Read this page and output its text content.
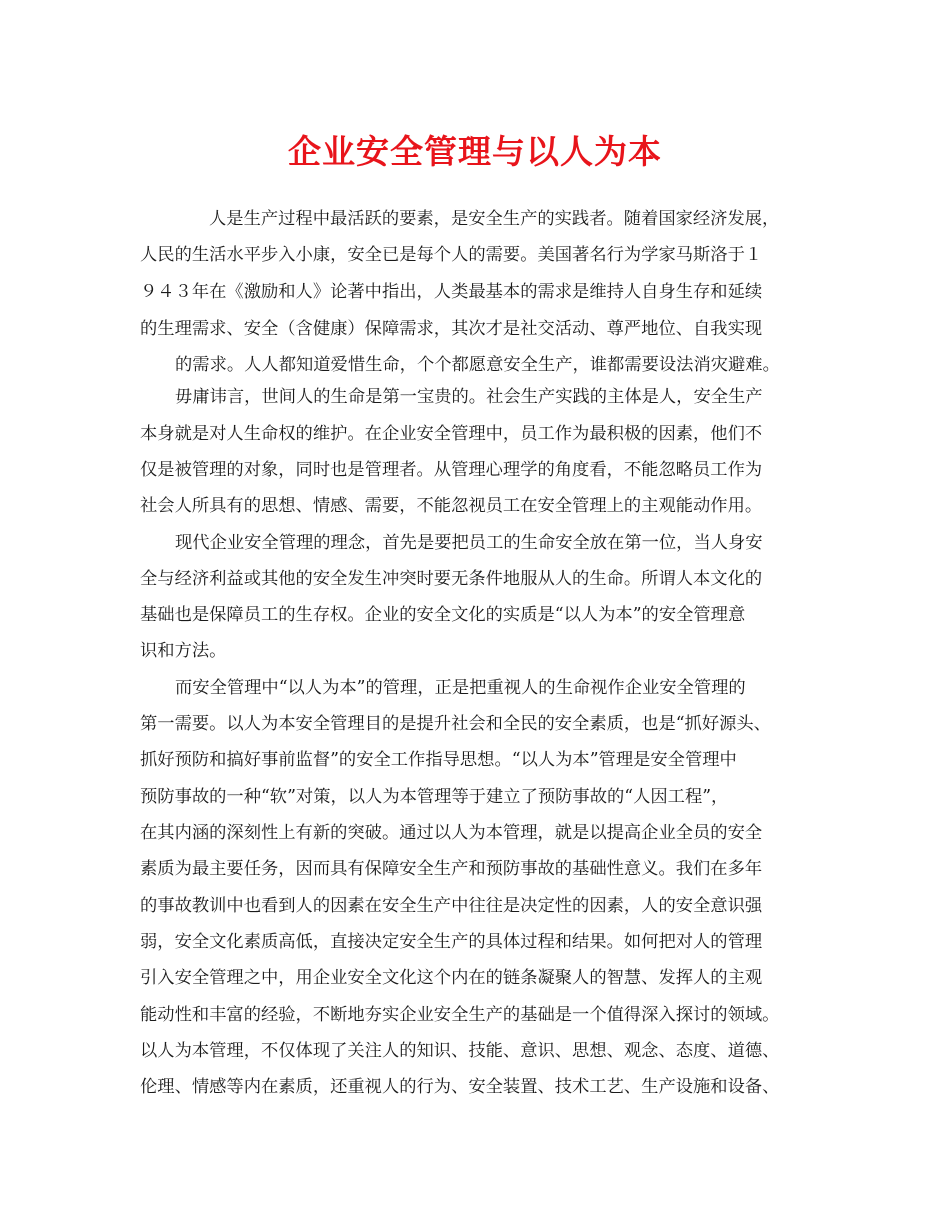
企业安全管理与以人为本

人是生产过程中最活跃的要素，是安全生产的实践者。随着国家经济发展，

人民的生活水平步入小康，安全已是每个人的需要。美国著名行为学家马斯洛于１

９４３年在《激励和人》论著中指出，人类最基本的需求是维持人自身生存和延续

的生理需求、安全（含健康）保障需求，其次才是社交活动、尊严地位、自我实现

的需求。人人都知道爱惜生命，个个都愿意安全生产，谁都需要设法消灾避难。

毋庸讳言，世间人的生命是第一宝贵的。社会生产实践的主体是人，安全生产

本身就是对人生命权的维护。在企业安全管理中，员工作为最积极的因素，他们不

仅是被管理的对象，同时也是管理者。从管理心理学的角度看，不能忽略员工作为

社会人所具有的思想、情感、需要，不能忽视员工在安全管理上的主观能动作用。

现代企业安全管理的理念，首先是要把员工的生命安全放在第一位，当人身安

全与经济利益或其他的安全发生冲突时要无条件地服从人的生命。所谓人本文化的

基础也是保障员工的生存权。企业的安全文化的实质是“以人为本”的安全管理意

识和方法。

而安全管理中“以人为本”的管理，正是把重视人的生命视作企业安全管理的

第一需要。以人为本安全管理目的是提升社会和全民的安全素质，也是“抓好源头、

抓好预防和搞好事前监督”的安全工作指导思想。“以人为本”管理是安全管理中

预防事故的一种“软”对策，以人为本管理等于建立了预防事故的“人因工程”，

在其内涵的深刻性上有新的突破。通过以人为本管理，就是以提高企业全员的安全

素质为最主要任务，因而具有保障安全生产和预防事故的基础性意义。我们在多年

的事故教训中也看到人的因素在安全生产中往往是决定性的因素，人的安全意识强

弱，安全文化素质高低，直接决定安全生产的具体过程和结果。如何把对人的管理

引入安全管理之中，用企业安全文化这个内在的链条凝聚人的智慧、发挥人的主观

能动性和丰富的经验，不断地夯实企业安全生产的基础是一个值得深入探讨的领域。

以人为本管理，不仅体现了关注人的知识、技能、意识、思想、观念、态度、道德、

伦理、情感等内在素质，还重视人的行为、安全装置、技术工艺、生产设施和设备、
